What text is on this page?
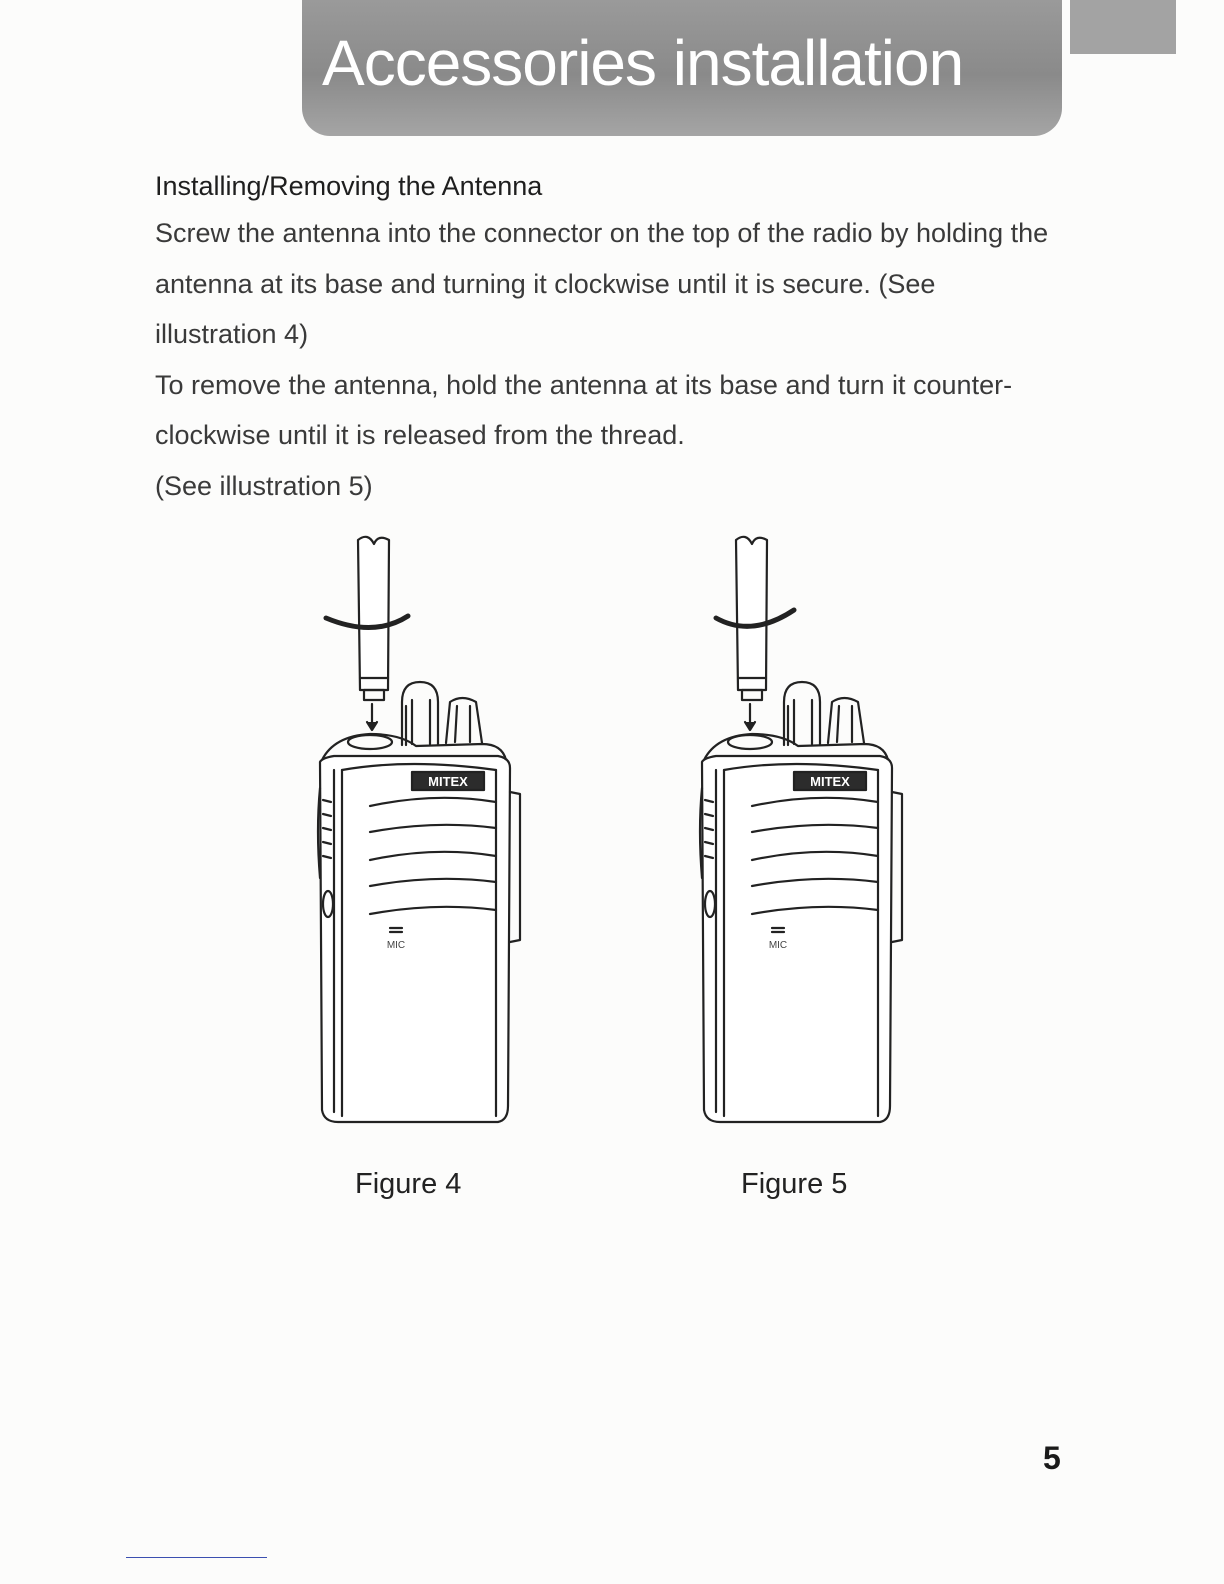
Accessories installation

Installing/Removing the Antenna

Screw the antenna into the connector on the top of the radio by holding the antenna at its base and turning it clockwise until it is secure. (See illustration 4)

To remove the antenna, hold the antenna at its base and turn it counter-clockwise until it is released from the thread.

(See illustration 5)

MITEX
MIC
MITEX
MIC
Figure 4	Figure 5
5
